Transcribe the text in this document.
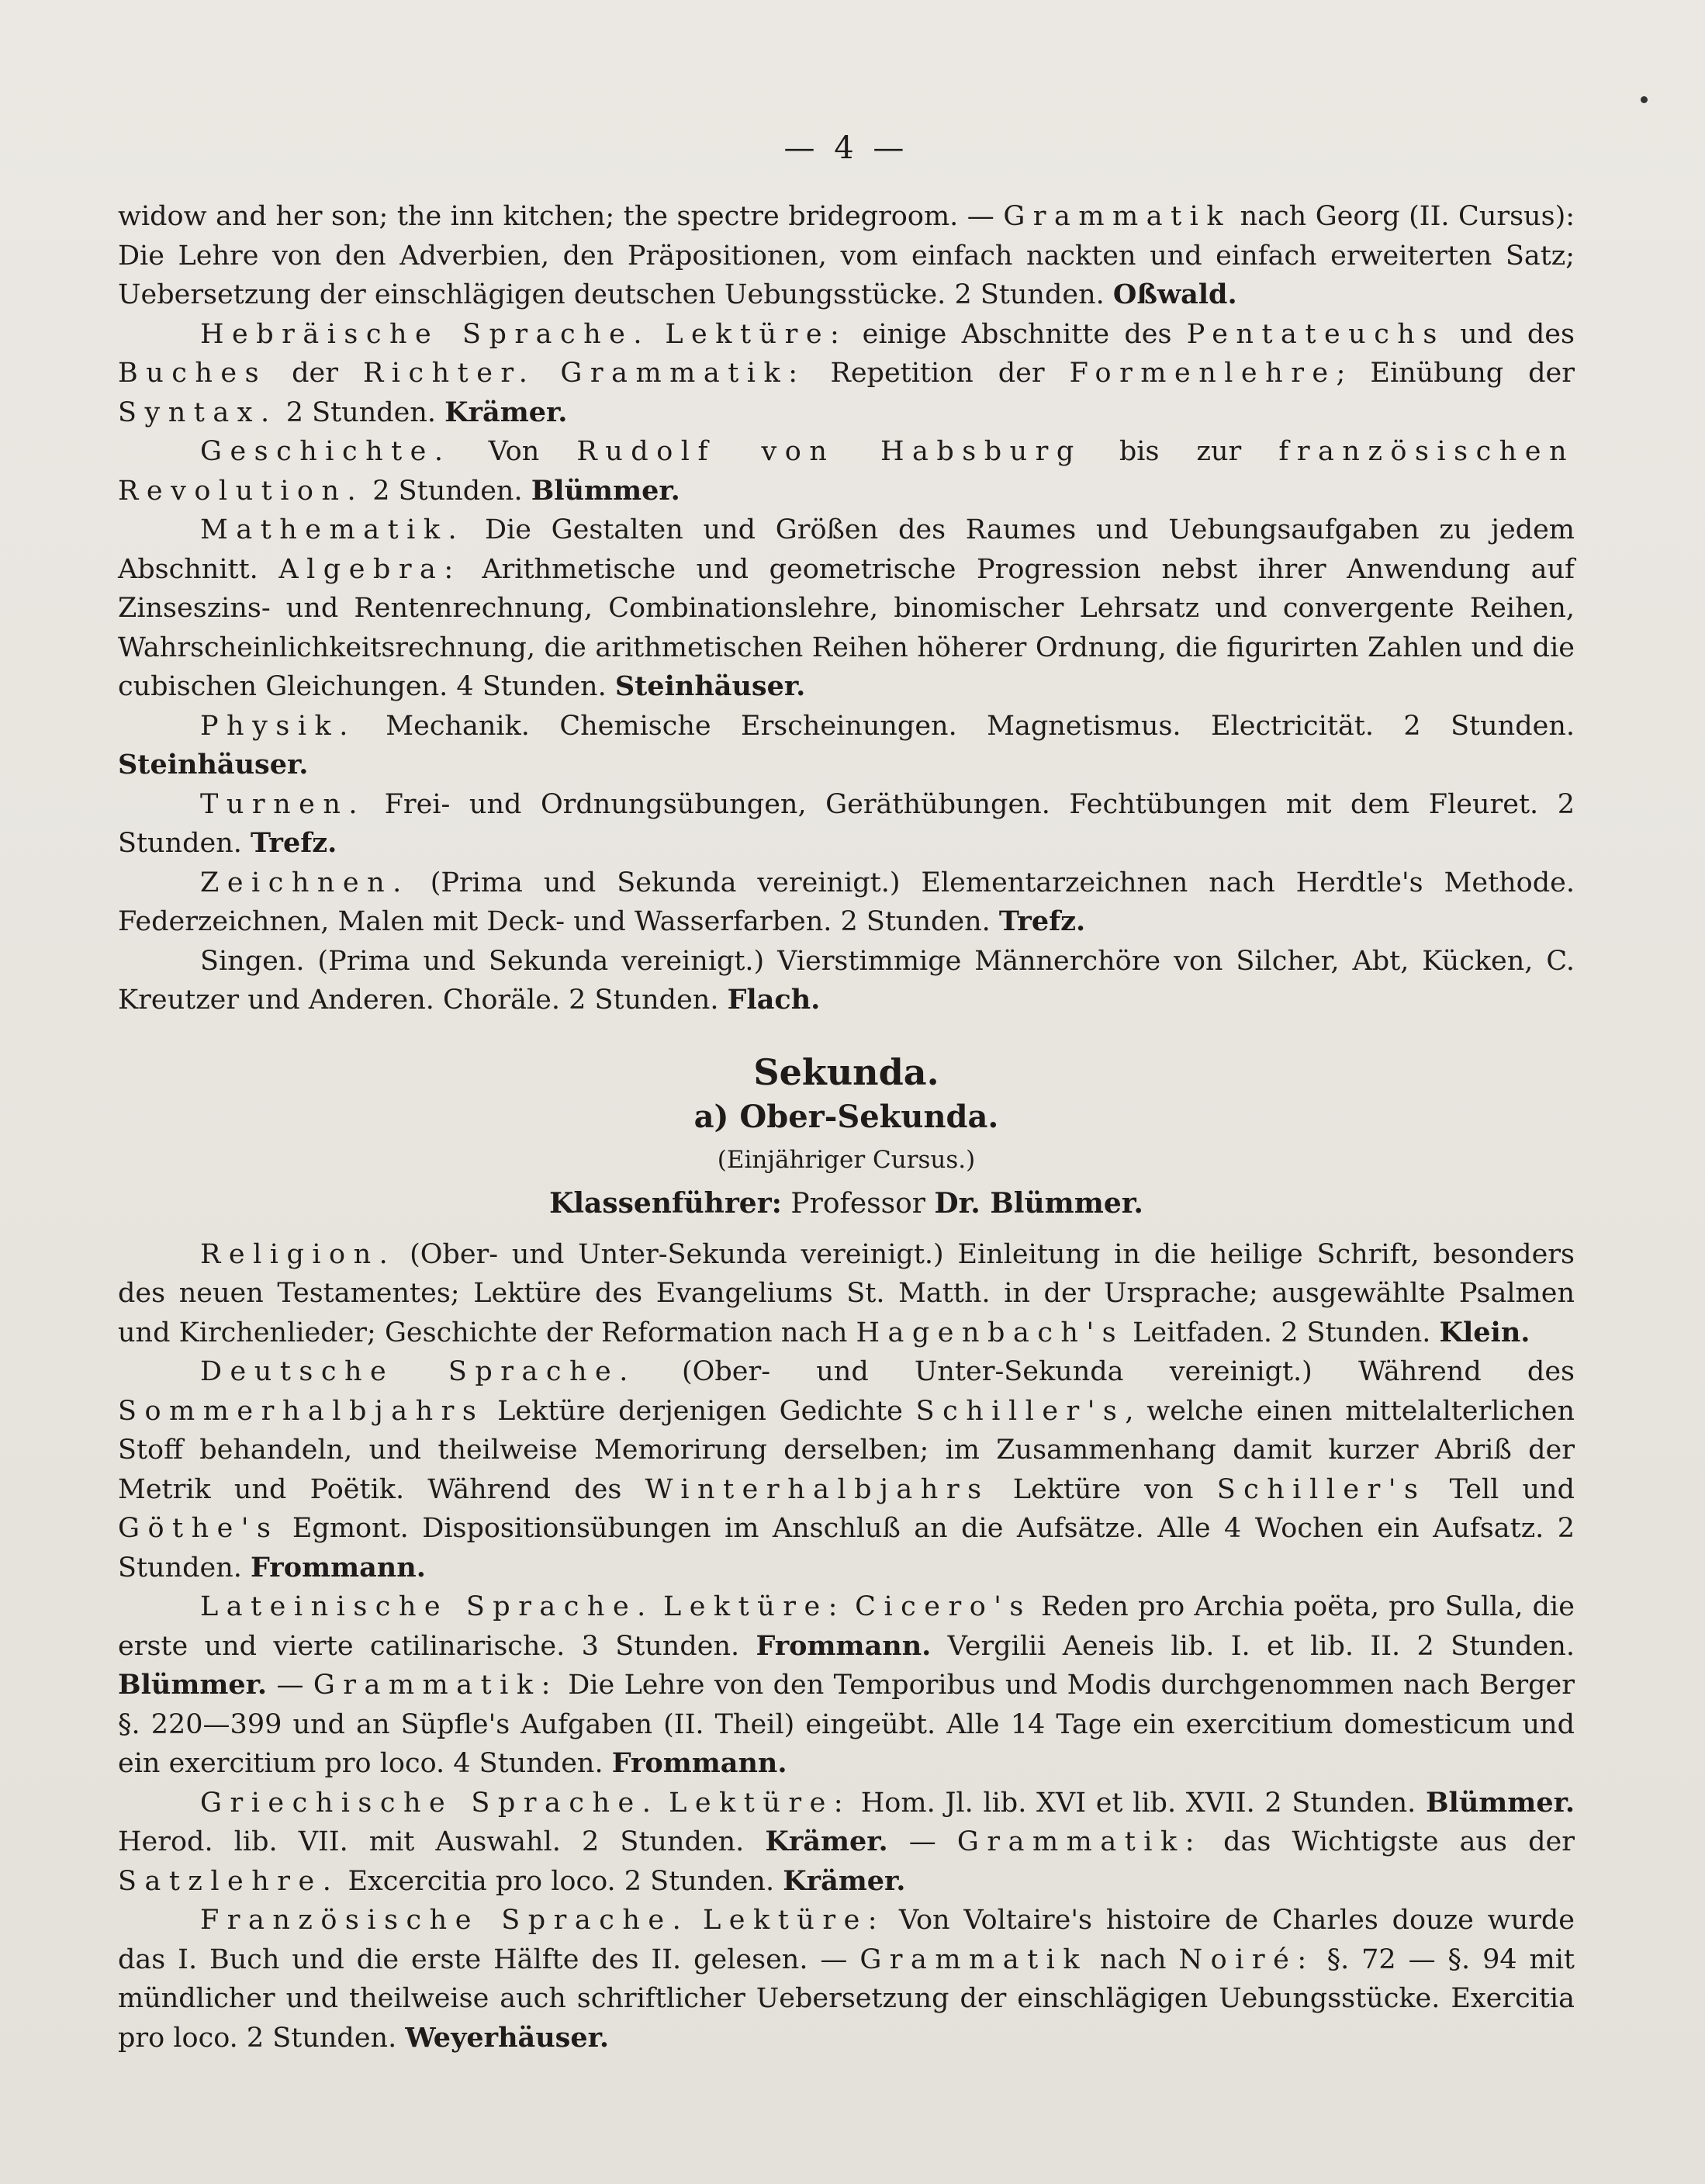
— 4 —

widow and her son; the inn kitchen; the spectre bridegroom. — Grammatik nach Georg (II. Cursus): Die Lehre von den Adverbien, den Präpositionen, vom einfach nackten und einfach erweiterten Satz; Uebersetzung der einschlägigen deutschen Uebungsstücke. 2 Stunden. Oßwald.

Hebräische Sprache. Lektüre: einige Abschnitte des Pentateuchs und des Buches der Richter. Grammatik: Repetition der Formenlehre; Einübung der Syntax. 2 Stunden. Krämer.

Geschichte. Von Rudolf von Habsburg bis zur französischen Revolution. 2 Stunden. Blümmer.

Mathematik. Die Gestalten und Größen des Raumes und Uebungsaufgaben zu jedem Abschnitt. Algebra: Arithmetische und geometrische Progression nebst ihrer Anwendung auf Zinseszins- und Rentenrechnung, Combinationslehre, binomischer Lehrsatz und convergente Reihen, Wahrscheinlichkeitsrechnung, die arithmetischen Reihen höherer Ordnung, die figurirten Zahlen und die cubischen Gleichungen. 4 Stunden. Steinhäuser.

Physik. Mechanik. Chemische Erscheinungen. Magnetismus. Electricität. 2 Stunden. Steinhäuser.

Turnen. Frei- und Ordnungsübungen, Geräthübungen. Fechtübungen mit dem Fleuret. 2 Stunden. Trefz.

Zeichnen. (Prima und Sekunda vereinigt.) Elementarzeichnen nach Herdtle's Methode. Federzeichnen, Malen mit Deck- und Wasserfarben. 2 Stunden. Trefz.

Singen. (Prima und Sekunda vereinigt.) Vierstimmige Männerchöre von Silcher, Abt, Kücken, C. Kreutzer und Anderen. Choräle. 2 Stunden. Flach.

Sekunda.
a) Ober-Sekunda.
(Einjähriger Cursus.)
Klassenführer: Professor Dr. Blümmer.

Religion. (Ober- und Unter-Sekunda vereinigt.) Einleitung in die heilige Schrift, besonders des neuen Testamentes; Lektüre des Evangeliums St. Matth. in der Ursprache; ausgewählte Psalmen und Kirchenlieder; Geschichte der Reformation nach Hagenbach's Leitfaden. 2 Stunden. Klein.

Deutsche Sprache. (Ober- und Unter-Sekunda vereinigt.) Während des Sommerhalbjahrs Lektüre derjenigen Gedichte Schiller's, welche einen mittelalterlichen Stoff behandeln, und theilweise Memorirung derselben; im Zusammenhang damit kurzer Abriß der Metrik und Poëtik. Während des Winterhalbjahrs Lektüre von Schiller's Tell und Göthe's Egmont. Dispositionsübungen im Anschluß an die Aufsätze. Alle 4 Wochen ein Aufsatz. 2 Stunden. Frommann.

Lateinische Sprache. Lektüre: Cicero's Reden pro Archia poëta, pro Sulla, die erste und vierte catilinarische. 3 Stunden. Frommann. Vergilii Aeneis lib. I. et lib. II. 2 Stunden. Blümmer. — Grammatik: Die Lehre von den Temporibus und Modis durchgenommen nach Berger §. 220—399 und an Süpfle's Aufgaben (II. Theil) eingeübt. Alle 14 Tage ein exercitium domesticum und ein exercitium pro loco. 4 Stunden. Frommann.

Griechische Sprache. Lektüre: Hom. Jl. lib. XVI et lib. XVII. 2 Stunden. Blümmer. Herod. lib. VII. mit Auswahl. 2 Stunden. Krämer. — Grammatik: das Wichtigste aus der Satzlehre. Excercitia pro loco. 2 Stunden. Krämer.

Französische Sprache. Lektüre: Von Voltaire's histoire de Charles douze wurde das I. Buch und die erste Hälfte des II. gelesen. — Grammatik nach Noiré: §. 72 — §. 94 mit mündlicher und theilweise auch schriftlicher Uebersetzung der einschlägigen Uebungsstücke. Exercitia pro loco. 2 Stunden. Weyerhäuser.
